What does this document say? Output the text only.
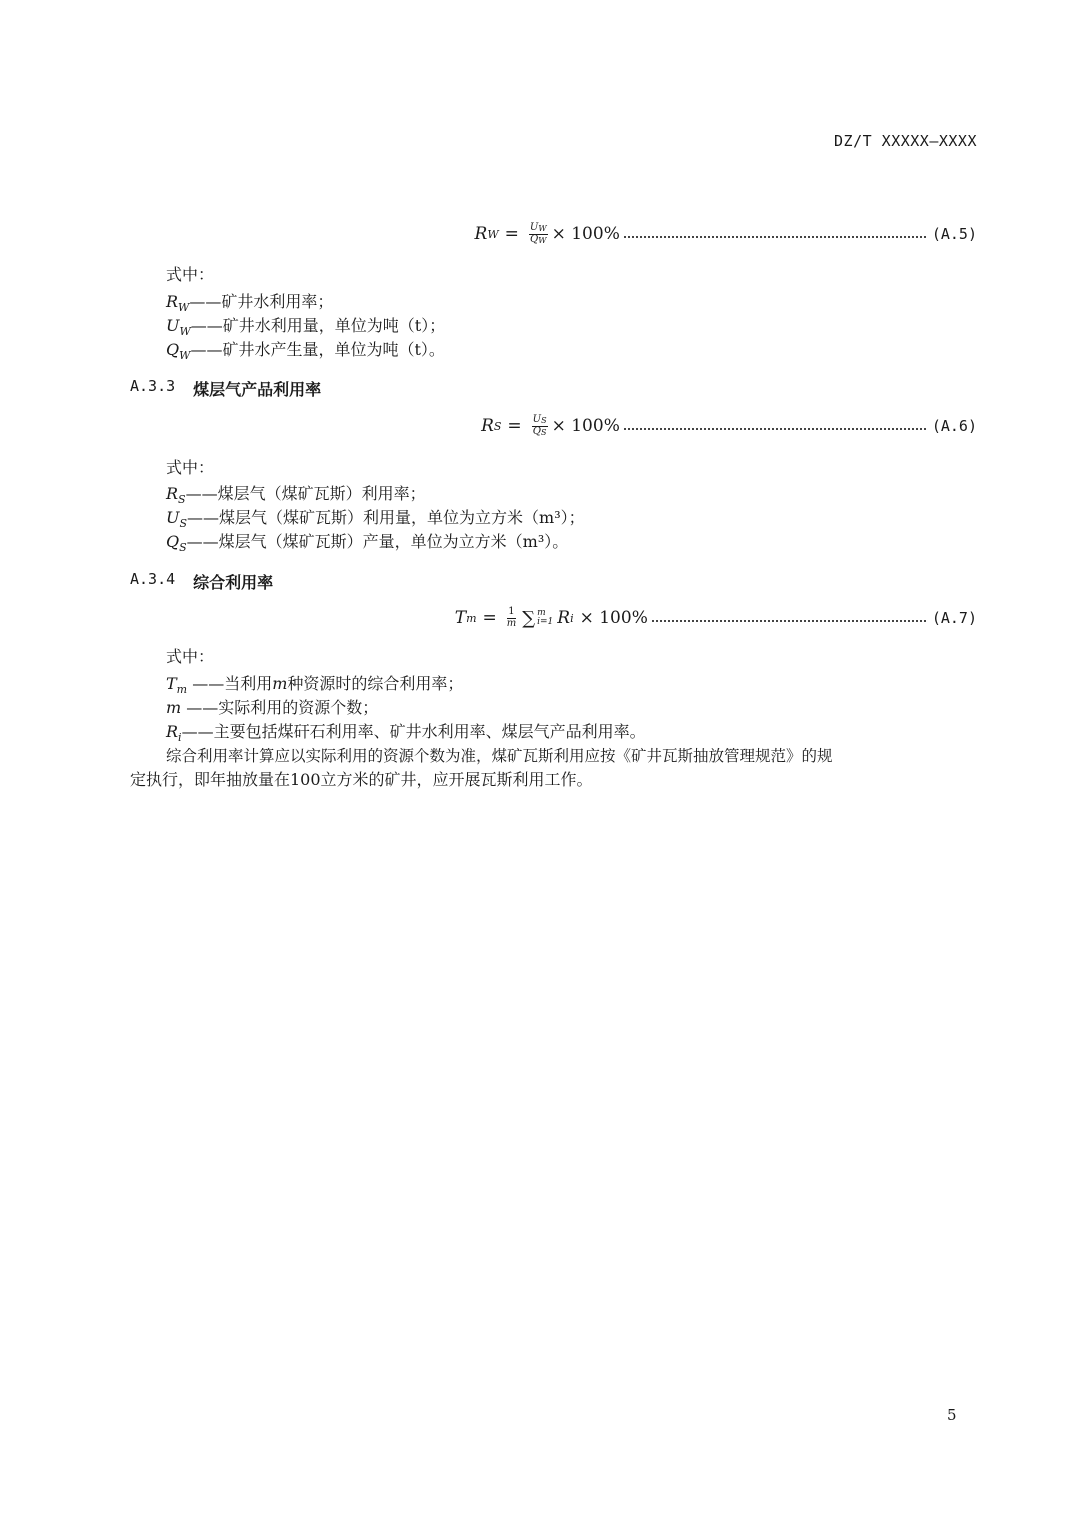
DZ/T XXXXX—XXXX
R $W = \frac{U_W}{Q_W} \times 100\%$	(A.5)
式中：
$R_W——$矿井水利用率；
$U_W——$矿井水利用量，单位为吨（t）；
$Q_W——$矿井水产生量，单位为吨（t）。
A.3.3 煤层气产品利用率
R $S = \frac{U_S}{Q_S} \times 100\%$	(A.6)
式中：
$R_S——$煤层气（煤矿瓦斯）利用率；
$U_S——$煤层气（煤矿瓦斯）利用量，单位为立方米（m³）；
$Q_S——$煤层气（煤矿瓦斯）产量，单位为立方米（m³）。
A.3.4 综合利用率
T $m = \frac{1}{m}$ ∑ m
i=1 R i × 100%	(A.7)
式中：
$T_m$ ——当利用m种资源时的综合利用率；
m ——实际利用的资源个数；
$R_i——$主要包括煤矸石利用率、矿井水利用率、煤层气产品利用率。
综合利用率计算应以实际利用的资源个数为准，煤矿瓦斯利用应按《矿井瓦斯抽放管理规范》的规
定执行，即年抽放量在100立方米的矿井，应开展瓦斯利用工作。
5
